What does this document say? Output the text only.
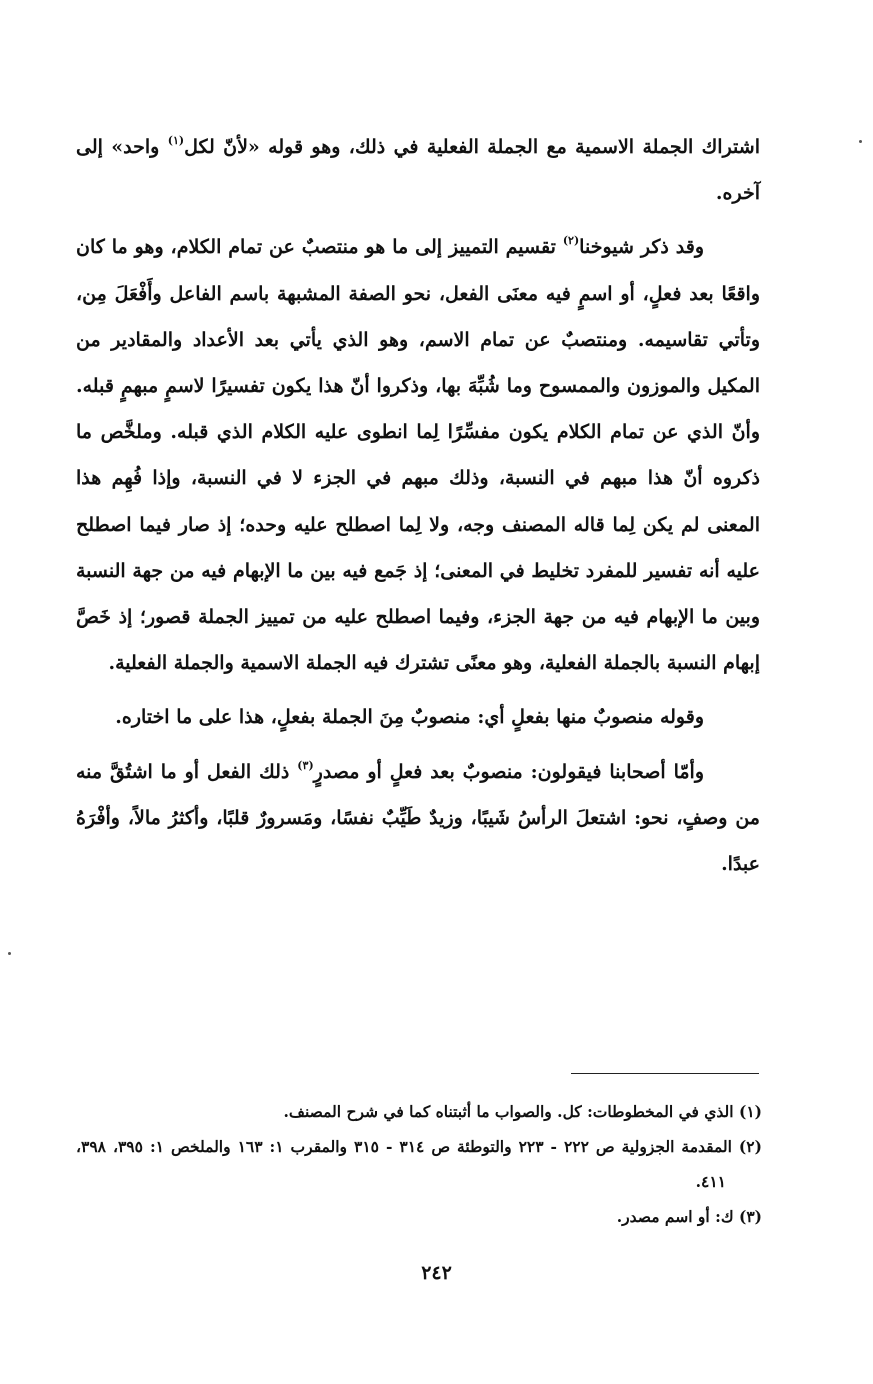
اشتراك الجملة الاسمية مع الجملة الفعلية في ذلك، وهو قوله «لأنّ لكل$^{(١)}$ واحد» إلى آخره.

وقد ذكر شيوخنا$^{(٢)}$ تقسيم التمييز إلى ما هو منتصبٌ عن تمام الكلام، وهو ما كان واقعًا بعد فعلٍ، أو اسمٍ فيه معنَى الفعل، نحو الصفة المشبهة باسم الفاعل وأَفْعَلَ مِن، وتأتي تقاسيمه. ومنتصبٌ عن تمام الاسم، وهو الذي يأتي بعد الأعداد والمقادير من المكيل والموزون والممسوح وما شُبِّهَ بها، وذكروا أنّ هذا يكون تفسيرًا لاسمٍ مبهمٍ قبله. وأنّ الذي عن تمام الكلام يكون مفسِّرًا لِما انطوى عليه الكلام الذي قبله. وملخَّص ما ذكروه أنّ هذا مبهم في النسبة، وذلك مبهم في الجزء لا في النسبة، وإذا فُهِم هذا المعنى لم يكن لِما قاله المصنف وجه، ولا لِما اصطلح عليه وحده؛ إذ صار فيما اصطلح عليه أنه تفسير للمفرد تخليط في المعنى؛ إذ جَمع فيه بين ما الإبهام فيه من جهة النسبة وبين ما الإبهام فيه من جهة الجزء، وفيما اصطلح عليه من تمييز الجملة قصور؛ إذ خَصَّ إبهام النسبة بالجملة الفعلية، وهو معنًى تشترك فيه الجملة الاسمية والجملة الفعلية.

وقوله منصوبٌ منها بفعلٍ أي: منصوبٌ مِنَ الجملة بفعلٍ، هذا على ما اختاره.

وأمّا أصحابنا فيقولون: منصوبٌ بعد فعلٍ أو مصدرٍ$^{(٣)}$ ذلك الفعل أو ما اشتُقَّ منه من وصفٍ، نحو: اشتعلَ الرأسُ شَيبًا، وزيدٌ طَيِّبٌ نفسًا، ومَسرورٌ قلبًا، وأكثرُ مالاً، وأفْرَهُ عبدًا.

(١) الذي في المخطوطات: كل. والصواب ما أثبتناه كما في شرح المصنف.

(٢) المقدمة الجزولية ص ٢٢٢ - ٢٢٣ والتوطئة ص ٣١٤ - ٣١٥ والمقرب ١: ١٦٣ والملخص ١: ٣٩٥، ٣٩٨، ٤١١.

(٣) ك: أو اسم مصدر.

٢٤٢
